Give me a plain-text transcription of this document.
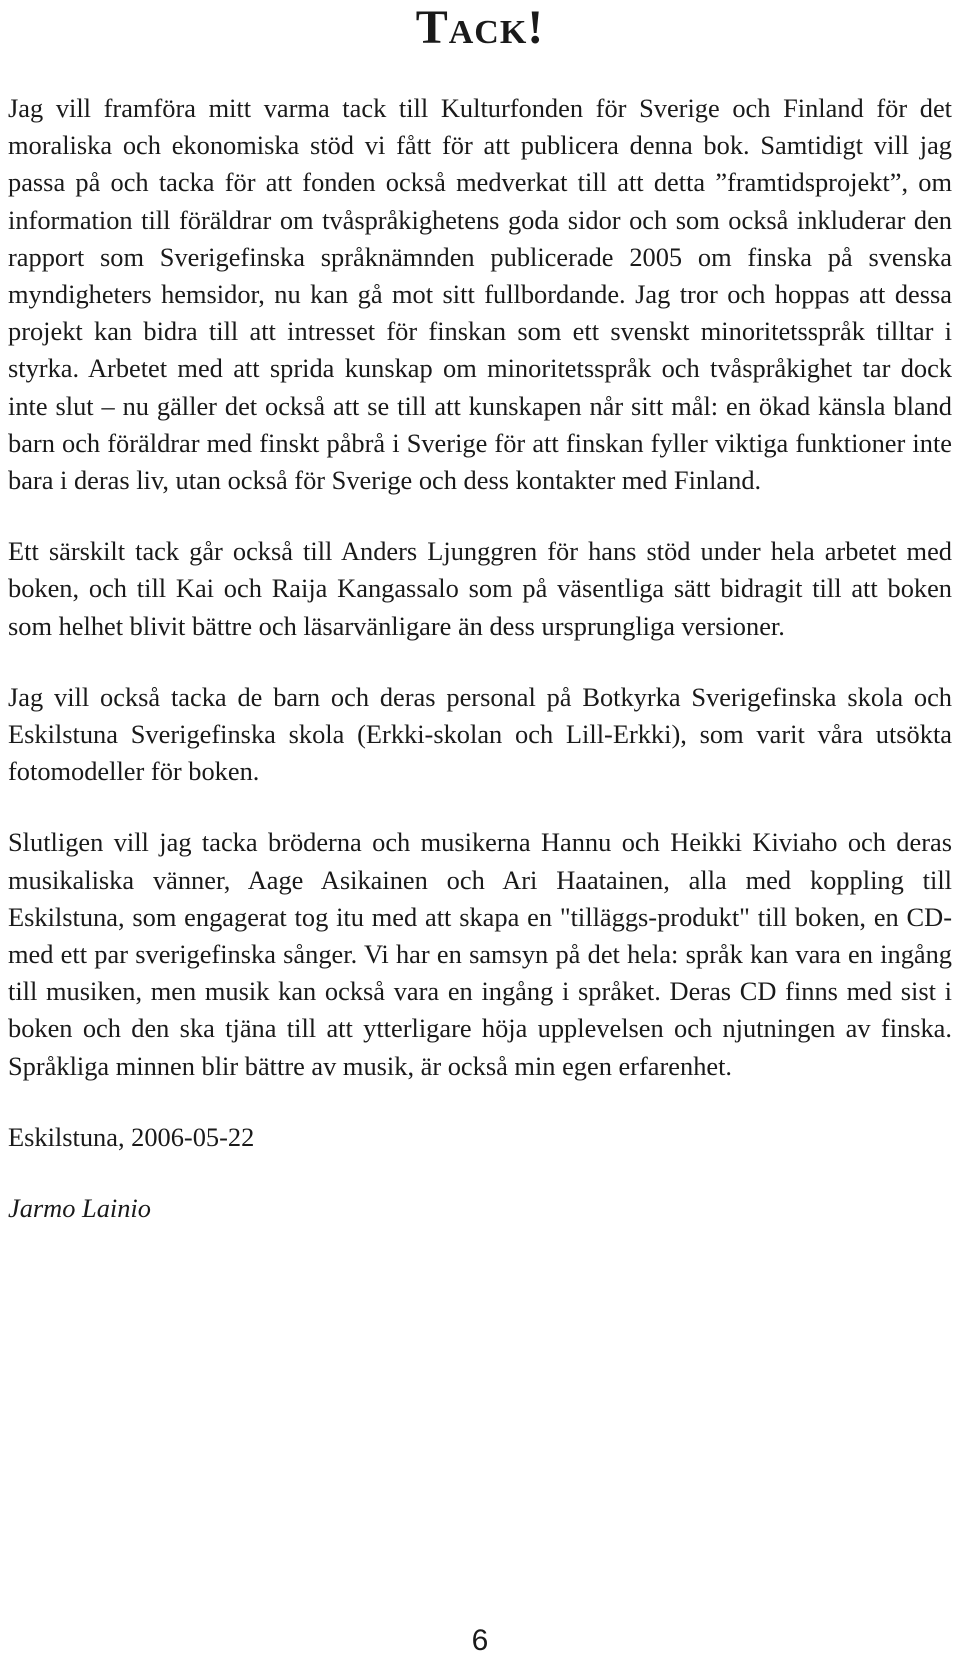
Tack!

Jag vill framföra mitt varma tack till Kulturfonden för Sverige och Finland för det moraliska och ekonomiska stöd vi fått för att publicera denna bok. Samtidigt vill jag passa på och tacka för att fonden också medverkat till att detta ”framtidsprojekt”, om information till föräldrar om tvåspråkighetens goda sidor och som också inkluderar den rapport som Sverigefinska språknämnden publicerade 2005 om finska på svenska myndigheters hemsidor, nu kan gå mot sitt fullbordande. Jag tror och hoppas att dessa projekt kan bidra till att intresset för finskan som ett svenskt minoritetsspråk tilltar i styrka. Arbetet med att sprida kunskap om minoritetsspråk och tvåspråkighet tar dock inte slut – nu gäller det också att se till att kunskapen når sitt mål: en ökad känsla bland barn och föräldrar med finskt påbrå i Sverige för att finskan fyller viktiga funktioner inte bara i deras liv, utan också för Sverige och dess kontakter med Finland.

Ett särskilt tack går också till Anders Ljunggren för hans stöd under hela arbetet med boken, och till Kai och Raija Kangassalo som på väsentliga sätt bidragit till att boken som helhet blivit bättre och läsarvänligare än dess ursprungliga versioner.

Jag vill också tacka de barn och deras personal på Botkyrka Sverigefinska skola och Eskilstuna Sverigefinska skola (Erkki-skolan och Lill-Erkki), som varit våra utsökta fotomodeller för boken.

Slutligen vill jag tacka bröderna och musikerna Hannu och Heikki Kiviaho och deras musikaliska vänner, Aage Asikainen och Ari Haatainen, alla med koppling till Eskilstuna, som engagerat tog itu med att skapa en "tilläggs-produkt" till boken, en CD-med ett par sverigefinska sånger. Vi har en samsyn på det hela: språk kan vara en ingång till musiken, men musik kan också vara en ingång i språket. Deras CD finns med sist i boken och den ska tjäna till att ytterligare höja upplevelsen och njutningen av finska. Språkliga minnen blir bättre av musik, är också min egen erfarenhet.

Eskilstuna, 2006-05-22

Jarmo Lainio

6
